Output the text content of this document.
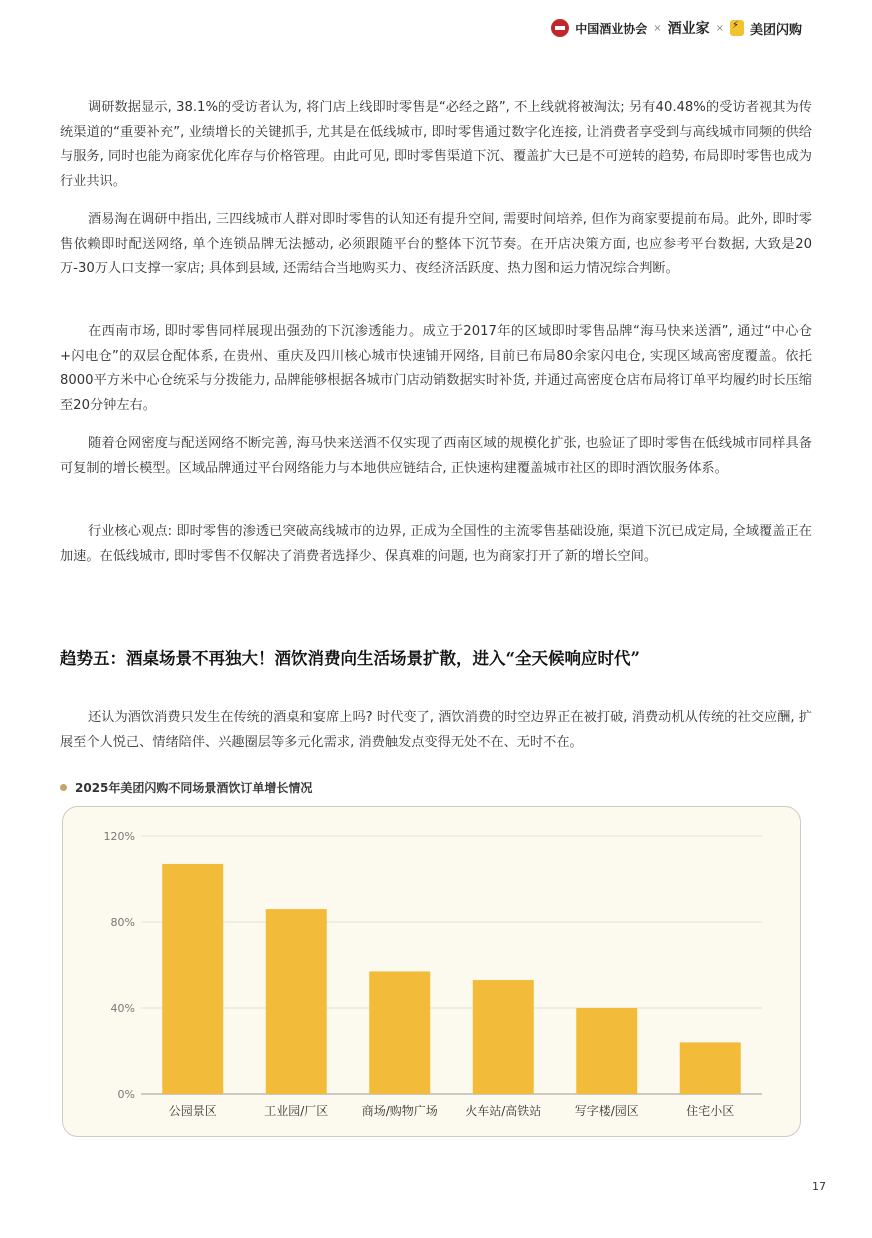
中国酒业协会 × 酒业家 ×
⚡ 美团闪购

调研数据显示, 38.1%的受访者认为, 将门店上线即时零售是“必经之路”, 不上线就将被淘汰; 另有40.48%的受访者视其为传统渠道的“重要补充”, 业绩增长的关键抓手, 尤其是在低线城市, 即时零售通过数字化连接, 让消费者享受到与高线城市同频的供给与服务, 同时也能为商家优化库存与价格管理。由此可见, 即时零售渠道下沉、覆盖扩大已是不可逆转的趋势, 布局即时零售也成为行业共识。

酒易淘在调研中指出, 三四线城市人群对即时零售的认知还有提升空间, 需要时间培养, 但作为商家要提前布局。此外, 即时零售依赖即时配送网络, 单个连锁品牌无法撼动, 必须跟随平台的整体下沉节奏。在开店决策方面, 也应参考平台数据, 大致是20万-30万人口支撑一家店; 具体到县域, 还需结合当地购买力、夜经济活跃度、热力图和运力情况综合判断。

在西南市场, 即时零售同样展现出强劲的下沉渗透能力。成立于2017年的区域即时零售品牌“海马快来送酒”, 通过“中心仓+闪电仓”的双层仓配体系, 在贵州、重庆及四川核心城市快速铺开网络, 目前已布局80余家闪电仓, 实现区域高密度覆盖。依托8000平方米中心仓统采与分拨能力, 品牌能够根据各城市门店动销数据实时补货, 并通过高密度仓店布局将订单平均履约时长压缩至20分钟左右。

随着仓网密度与配送网络不断完善, 海马快来送酒不仅实现了西南区域的规模化扩张, 也验证了即时零售在低线城市同样具备可复制的增长模型。区域品牌通过平台网络能力与本地供应链结合, 正快速构建覆盖城市社区的即时酒饮服务体系。

行业核心观点: 即时零售的渗透已突破高线城市的边界, 正成为全国性的主流零售基础设施, 渠道下沉已成定局, 全域覆盖正在加速。在低线城市, 即时零售不仅解决了消费者选择少、保真难的问题, 也为商家打开了新的增长空间。

趋势五：酒桌场景不再独大！酒饮消费向生活场景扩散，进入“全天候响应时代”

还认为酒饮消费只发生在传统的酒桌和宴席上吗? 时代变了, 酒饮消费的时空边界正在被打破, 消费动机从传统的社交应酬, 扩展至个人悦己、情绪陪伴、兴趣圈层等多元化需求, 消费触发点变得无处不在、无时不在。

2025年美团闪购不同场景酒饮订单增长情况
0%
40%
80%
120%
公园景区	工业园/厂区	商场/购物广场 火车站/高铁站	写字楼/园区	住宅小区
17
